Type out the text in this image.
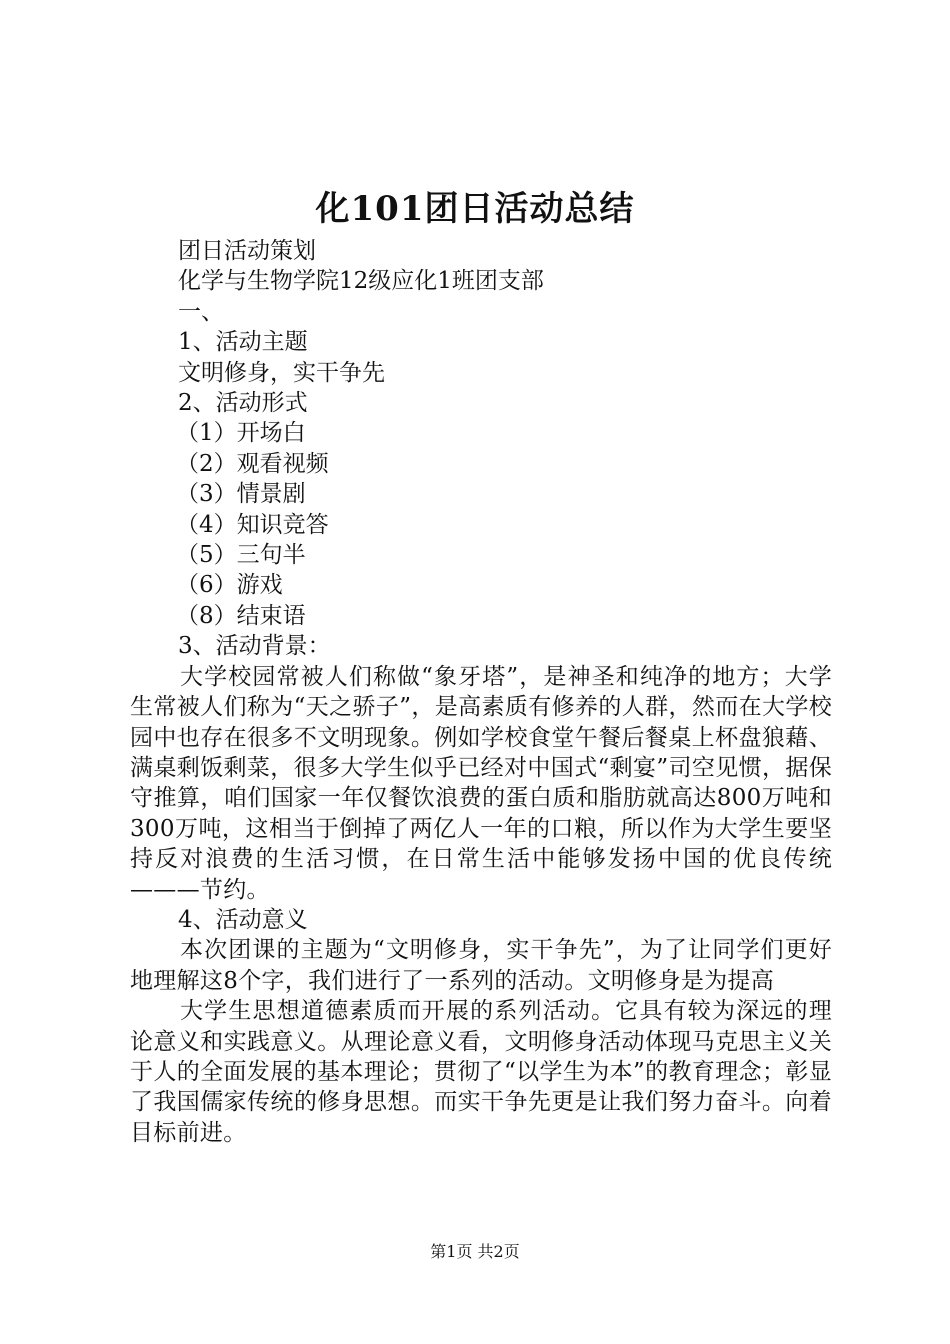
化101团日活动总结

团日活动策划

化学与生物学院12级应化1班团支部

一、

1、活动主题

文明修身，实干争先

2、活动形式

（1）开场白

（2）观看视频

（3）情景剧

（4）知识竞答

（5）三句半

（6）游戏

（8）结束语

3、活动背景：

大学校园常被人们称做“象牙塔”，是神圣和纯净的地方；大学生常被人们称为“天之骄子”，是高素质有修养的人群，然而在大学校园中也存在很多不文明现象。例如学校食堂午餐后餐桌上杯盘狼藉、满桌剩饭剩菜，很多大学生似乎已经对中国式“剩宴”司空见惯，据保守推算，咱们国家一年仅餐饮浪费的蛋白质和脂肪就高达800万吨和300万吨，这相当于倒掉了两亿人一年的口粮，所以作为大学生要坚持反对浪费的生活习惯，在日常生活中能够发扬中国的优良传统———节约。

4、活动意义

本次团课的主题为“文明修身，实干争先”，为了让同学们更好地理解这8个字，我们进行了一系列的活动。文明修身是为提高

大学生思想道德素质而开展的系列活动。它具有较为深远的理论意义和实践意义。从理论意义看，文明修身活动体现马克思主义关于人的全面发展的基本理论；贯彻了“以学生为本”的教育理念；彰显了我国儒家传统的修身思想。而实干争先更是让我们努力奋斗。向着目标前进。

第1页 共2页
